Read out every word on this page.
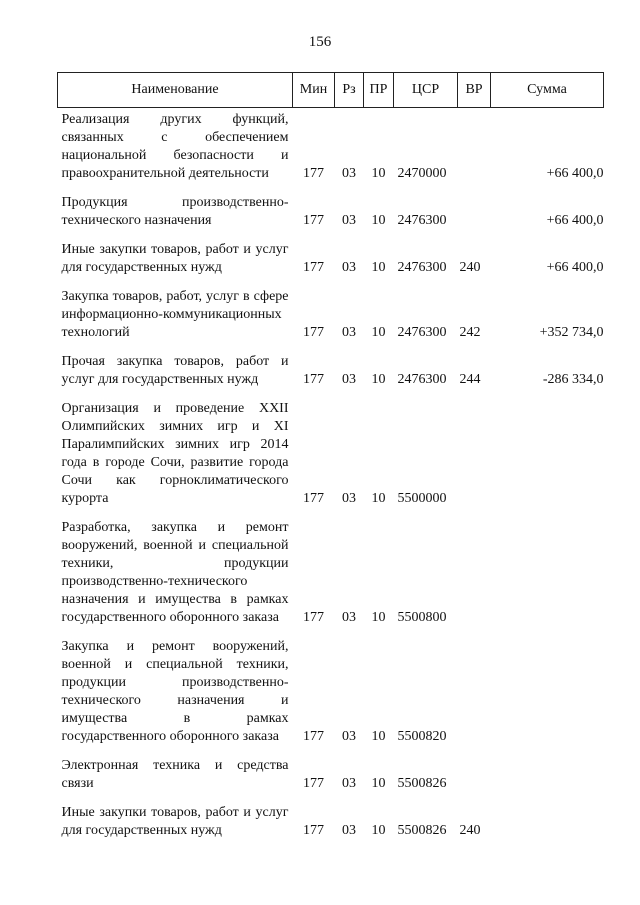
156
Наименование	Мин	Рз	ПР	ЦСР	ВР	Сумма
Реализация других функций, связанных с обеспечением национальной безопасности и правоохранительной деятельности	177	03	10	2470000		+66 400,0
Продукция производственно-технического назначения	177	03	10	2476300		+66 400,0
Иные закупки товаров, работ и услуг для государственных нужд	177	03	10	2476300	240	+66 400,0
Закупка товаров, работ, услуг в сфере информационно-коммуникационных технологий	177	03	10	2476300	242	+352 734,0
Прочая закупка товаров, работ и услуг для государственных нужд	177	03	10	2476300	244	-286 334,0
Организация и проведение XXII Олимпийских зимних игр и XI Паралимпийских зимних игр 2014 года в городе Сочи, развитие города Сочи как горноклиматического курорта	177	03	10	5500000		
Разработка, закупка и ремонт вооружений, военной и специальной техники, продукции производственно-технического назначения и имущества в рамках государственного оборонного заказа	177	03	10	5500800		
Закупка и ремонт вооружений, военной и специальной техники, продукции производственно-технического назначения и имущества в рамках государственного оборонного заказа	177	03	10	5500820		
Электронная техника и средства связи	177	03	10	5500826		
Иные закупки товаров, работ и услуг для государственных нужд	177	03	10	5500826	240	
